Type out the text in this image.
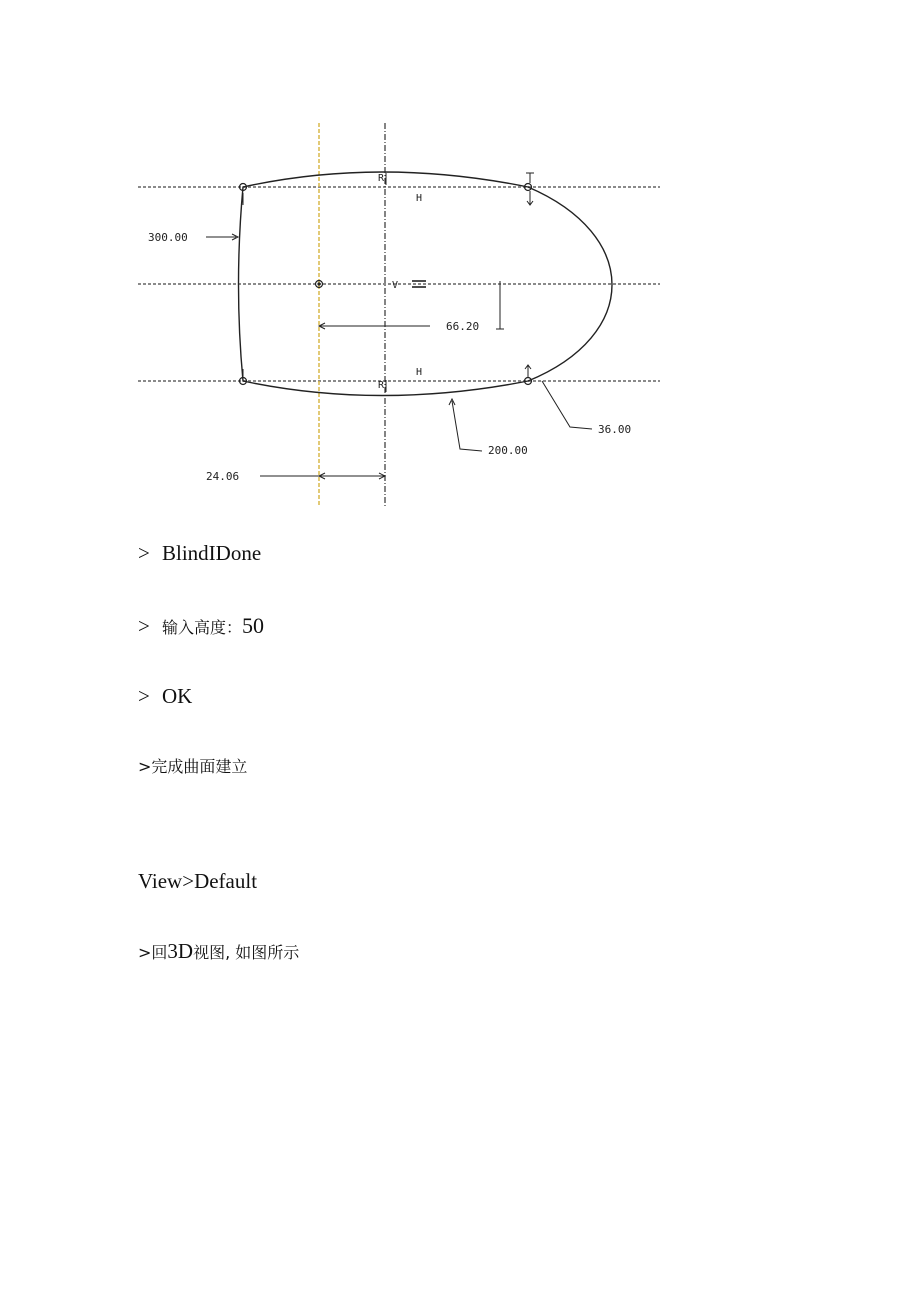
R
R
H
H
V
300.00
66.20
36.00
200.00
24.06
> BlindIDone
> 输入高度：50
> OK
>完成曲面建立
View>Default
>回3D视图, 如图所示
